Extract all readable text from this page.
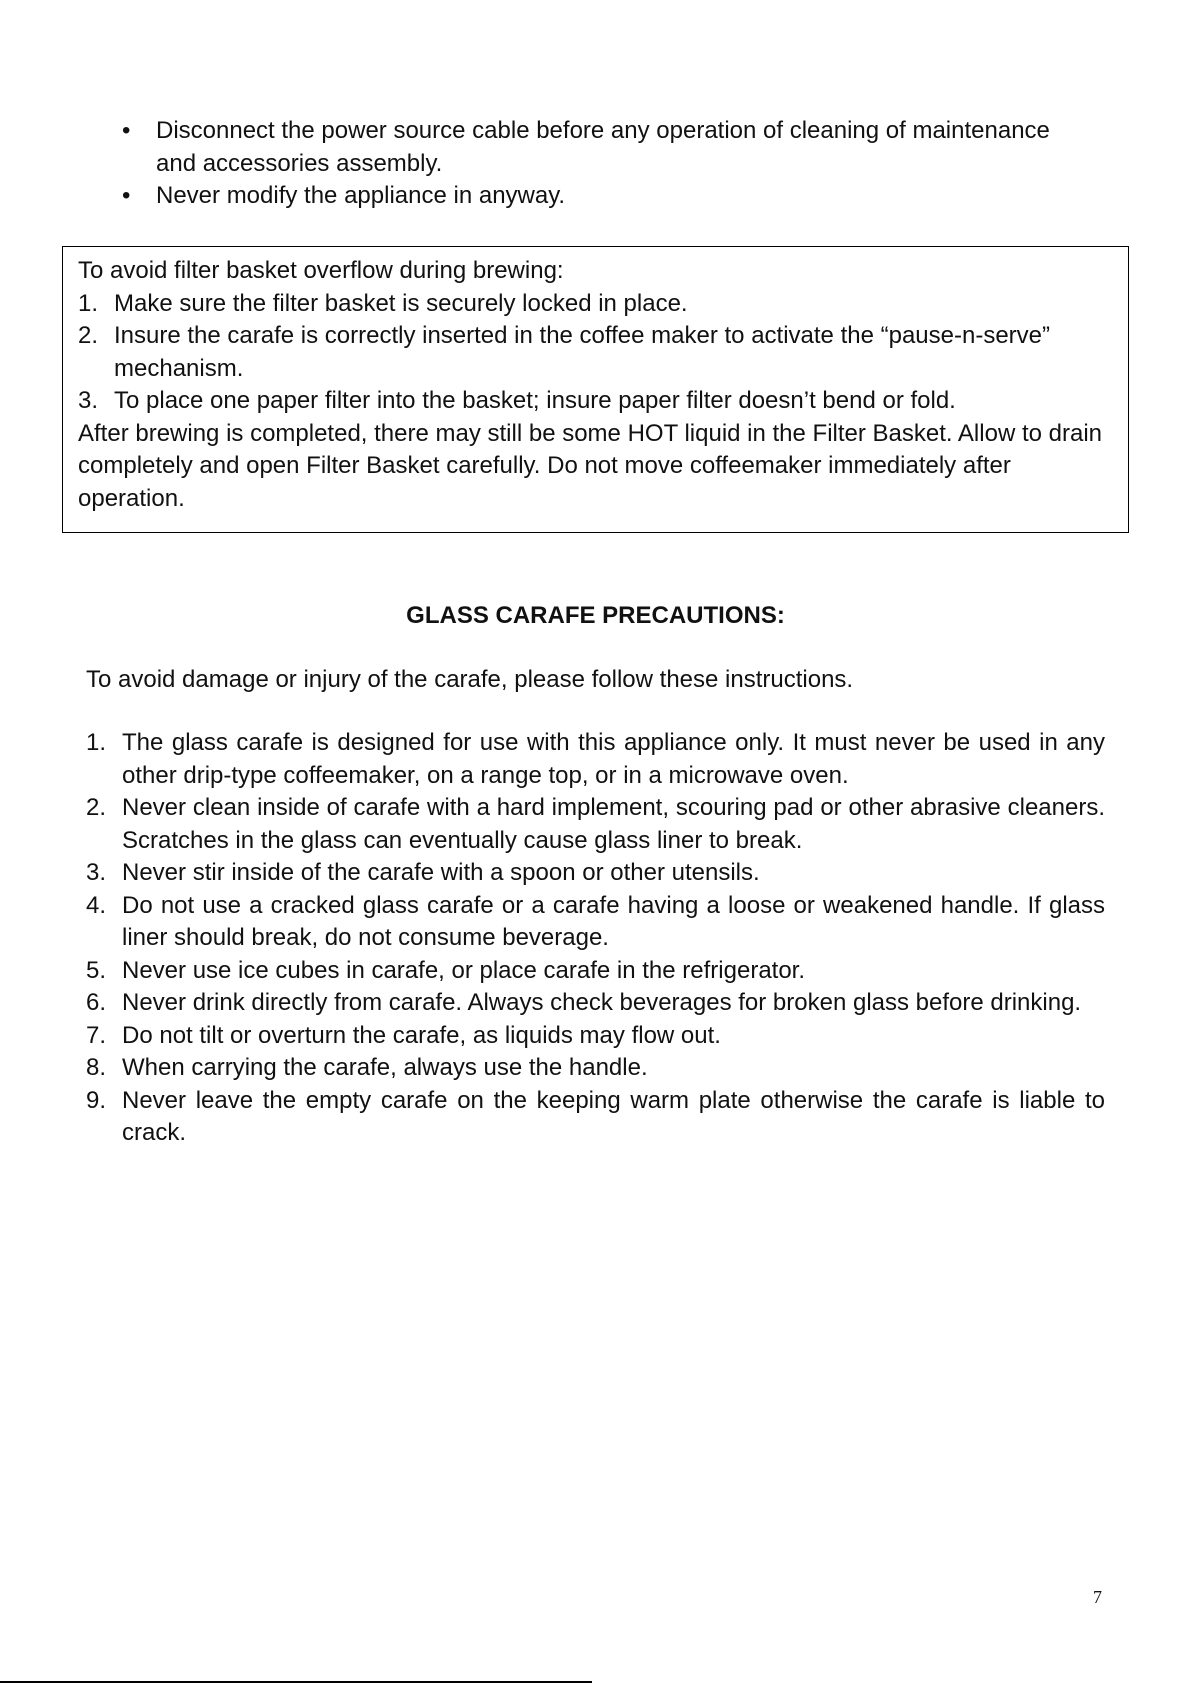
• Disconnect the power source cable before any operation of cleaning of maintenance and accessories assembly.
• Never modify the appliance in anyway.

To avoid filter basket overflow during brewing:

1. Make sure the filter basket is securely locked in place.

2. Insure the carafe is correctly inserted in the coffee maker to activate the “pause-n-serve” mechanism.

3. To place one paper filter into the basket; insure paper filter doesn’t bend or fold.

After brewing is completed, there may still be some HOT liquid in the Filter Basket. Allow to drain completely and open Filter Basket carefully. Do not move coffeemaker immediately after operation.

GLASS CARAFE PRECAUTIONS:

To avoid damage or injury of the carafe, please follow these instructions.

1. The glass carafe is designed for use with this appliance only. It must never be used in any other drip-type coffeemaker, on a range top, or in a microwave oven.
2. Never clean inside of carafe with a hard implement, scouring pad or other abrasive cleaners. Scratches in the glass can eventually cause glass liner to break.
3. Never stir inside of the carafe with a spoon or other utensils.
4. Do not use a cracked glass carafe or a carafe having a loose or weakened handle. If glass liner should break, do not consume beverage.
5. Never use ice cubes in carafe, or place carafe in the refrigerator.
6. Never drink directly from carafe. Always check beverages for broken glass before drinking.
7. Do not tilt or overturn the carafe, as liquids may flow out.
8. When carrying the carafe, always use the handle.
9. Never leave the empty carafe on the keeping warm plate otherwise the carafe is liable to crack.
7
